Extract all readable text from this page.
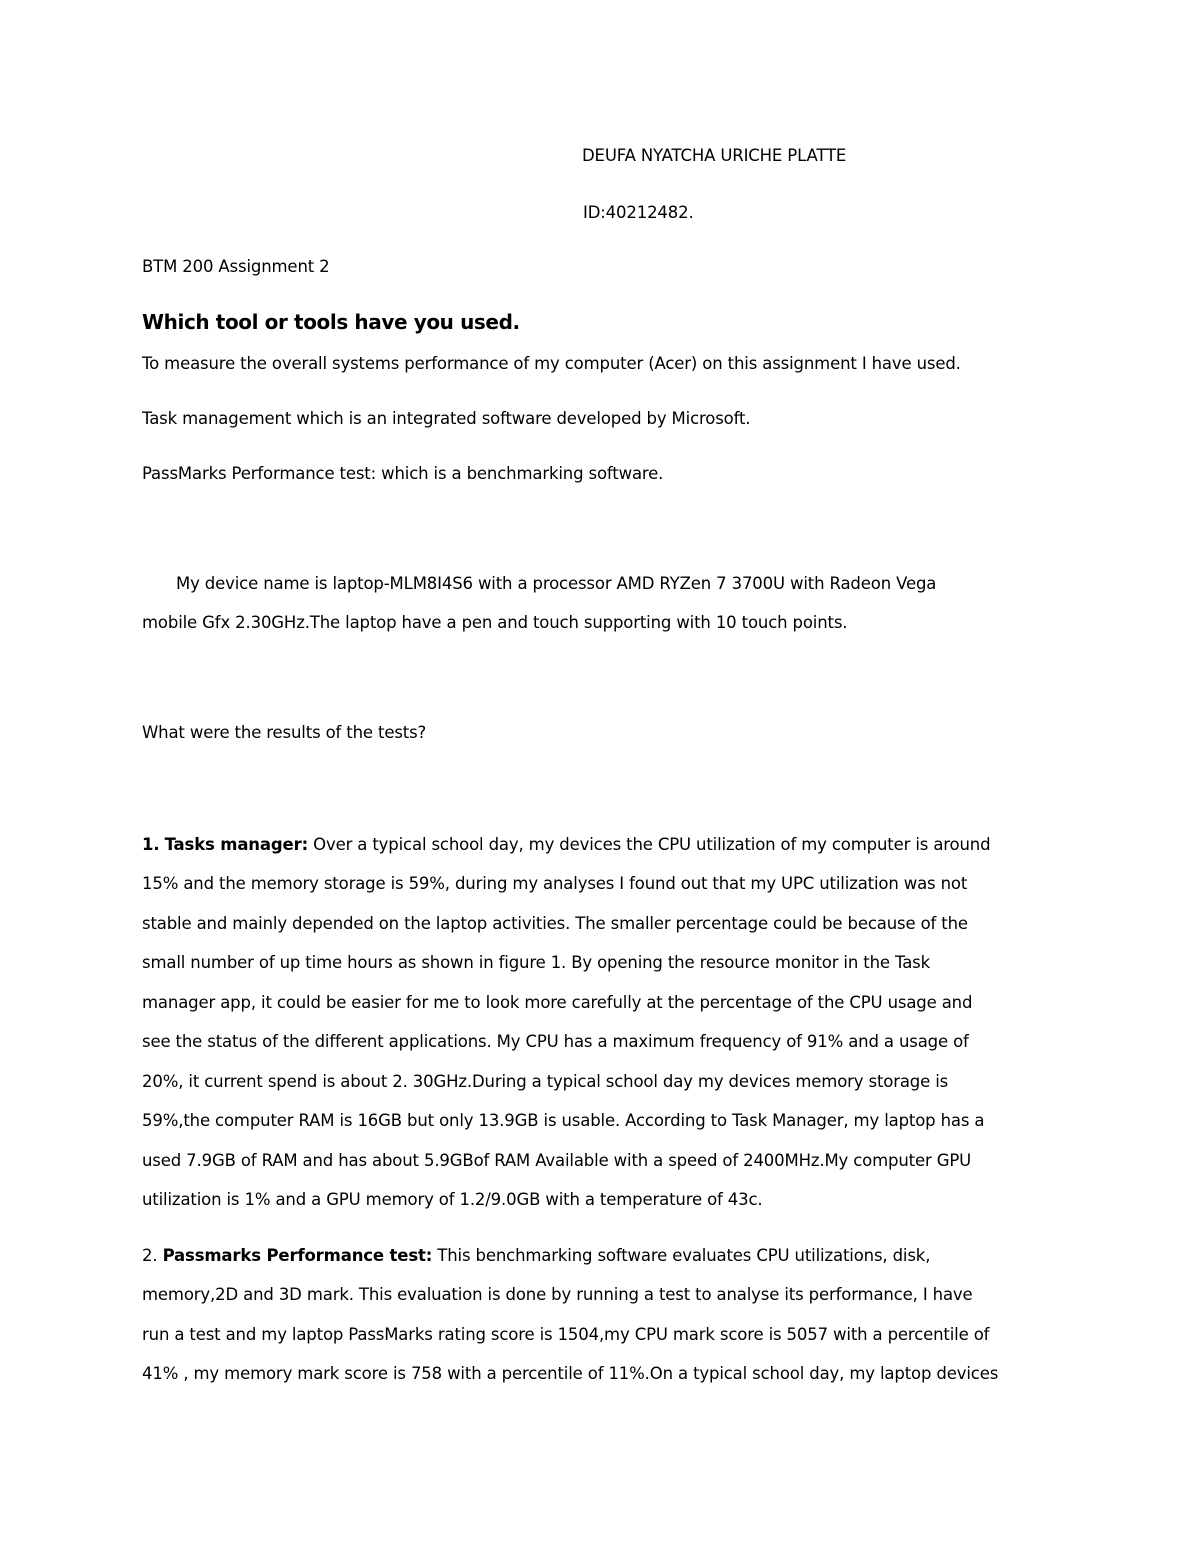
DEUFA NYATCHA URICHE PLATTE
ID:40212482.
BTM 200 Assignment 2
Which tool or tools have you used.
To measure the overall systems performance of my computer (Acer) on this assignment I have used.
Task management which is an integrated software developed by Microsoft.
PassMarks Performance test: which is a benchmarking software.
My device name is laptop-MLM8I4S6 with a processor AMD RYZen 7 3700U with Radeon Vega
mobile Gfx 2.30GHz.The laptop have a pen and touch supporting with 10 touch points.
What were the results of the tests?
1. Tasks manager: Over a typical school day, my devices the CPU utilization of my computer is around
15% and the memory storage is 59%, during my analyses I found out that my UPC utilization was not
stable and mainly depended on the laptop activities. The smaller percentage could be because of the
small number of up time hours as shown in figure 1. By opening the resource monitor in the Task
manager app, it could be easier for me to look more carefully at the percentage of the CPU usage and
see the status of the different applications. My CPU has a maximum frequency of 91% and a usage of
20%, it current spend is about 2. 30GHz.During a typical school day my devices memory storage is
59%,the computer RAM is 16GB but only 13.9GB is usable. According to Task Manager, my laptop has a
used 7.9GB of RAM and has about 5.9GBof RAM Available with a speed of 2400MHz.My computer GPU
utilization is 1% and a GPU memory of 1.2/9.0GB with a temperature of 43c.
2. Passmarks Performance test: This benchmarking software evaluates CPU utilizations, disk,
memory,2D and 3D mark. This evaluation is done by running a test to analyse its performance, I have
run a test and my laptop PassMarks rating score is 1504,my CPU mark score is 5057 with a percentile of
41% , my memory mark score is 758 with a percentile of 11%.On a typical school day, my laptop devices
